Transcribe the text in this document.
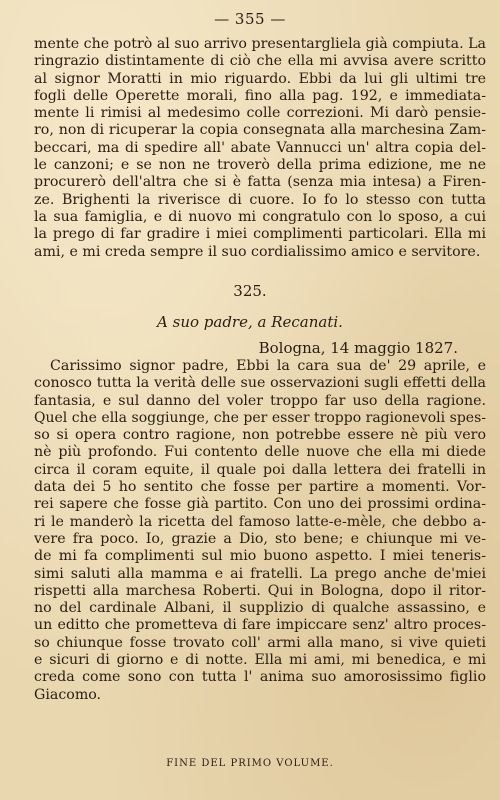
— 355 —
mente che potrò al suo arrivo presentargliela già compiuta. La
ringrazio distintamente di ciò che ella mi avvisa avere scritto
al signor Moratti in mio riguardo. Ebbi da lui gli ultimi tre
fogli delle Operette morali, fino alla pag. 192, e immediata-
mente li rimisi al medesimo colle correzioni. Mi darò pensie-
ro, non di ricuperar la copia consegnata alla marchesina Zam-
beccari, ma di spedire all' abate Vannucci un' altra copia del-
le canzoni; e se non ne troverò della prima edizione, me ne
procurerò dell'altra che si è fatta (senza mia intesa) a Firen-
ze. Brighenti la riverisce di cuore. Io fo lo stesso con tutta
la sua famiglia, e di nuovo mi congratulo con lo sposo, a cui
la prego di far gradire i miei complimenti particolari. Ella mi
ami, e mi creda sempre il suo cordialissimo amico e servitore.
325.
A suo padre, a Recanati.
Bologna, 14 maggio 1827.
Carissimo signor padre, Ebbi la cara sua de' 29 aprile, e
conosco tutta la verità delle sue osservazioni sugli effetti della
fantasia, e sul danno del voler troppo far uso della ragione.
Quel che ella soggiunge, che per esser troppo ragionevoli spes-
so si opera contro ragione, non potrebbe essere nè più vero
nè più profondo. Fui contento delle nuove che ella mi diede
circa il coram equite, il quale poi dalla lettera dei fratelli in
data dei 5 ho sentito che fosse per partire a momenti. Vor-
rei sapere che fosse già partito. Con uno dei prossimi ordina-
ri le manderò la ricetta del famoso latte-e-mèle, che debbo a-
vere fra poco. Io, grazie a Dio, sto bene; e chiunque mi ve-
de mi fa complimenti sul mio buono aspetto. I miei teneris-
simi saluti alla mamma e ai fratelli. La prego anche de'miei
rispetti alla marchesa Roberti. Qui in Bologna, dopo il ritor-
no del cardinale Albani, il supplizio di qualche assassino, e
un editto che prometteva di fare impiccare senz' altro proces-
so chiunque fosse trovato coll' armi alla mano, si vive quieti
e sicuri di giorno e di notte. Ella mi ami, mi benedica, e mi
creda come sono con tutta l' anima suo amorosissimo figlio
Giacomo.
FINE DEL PRIMO VOLUME.
